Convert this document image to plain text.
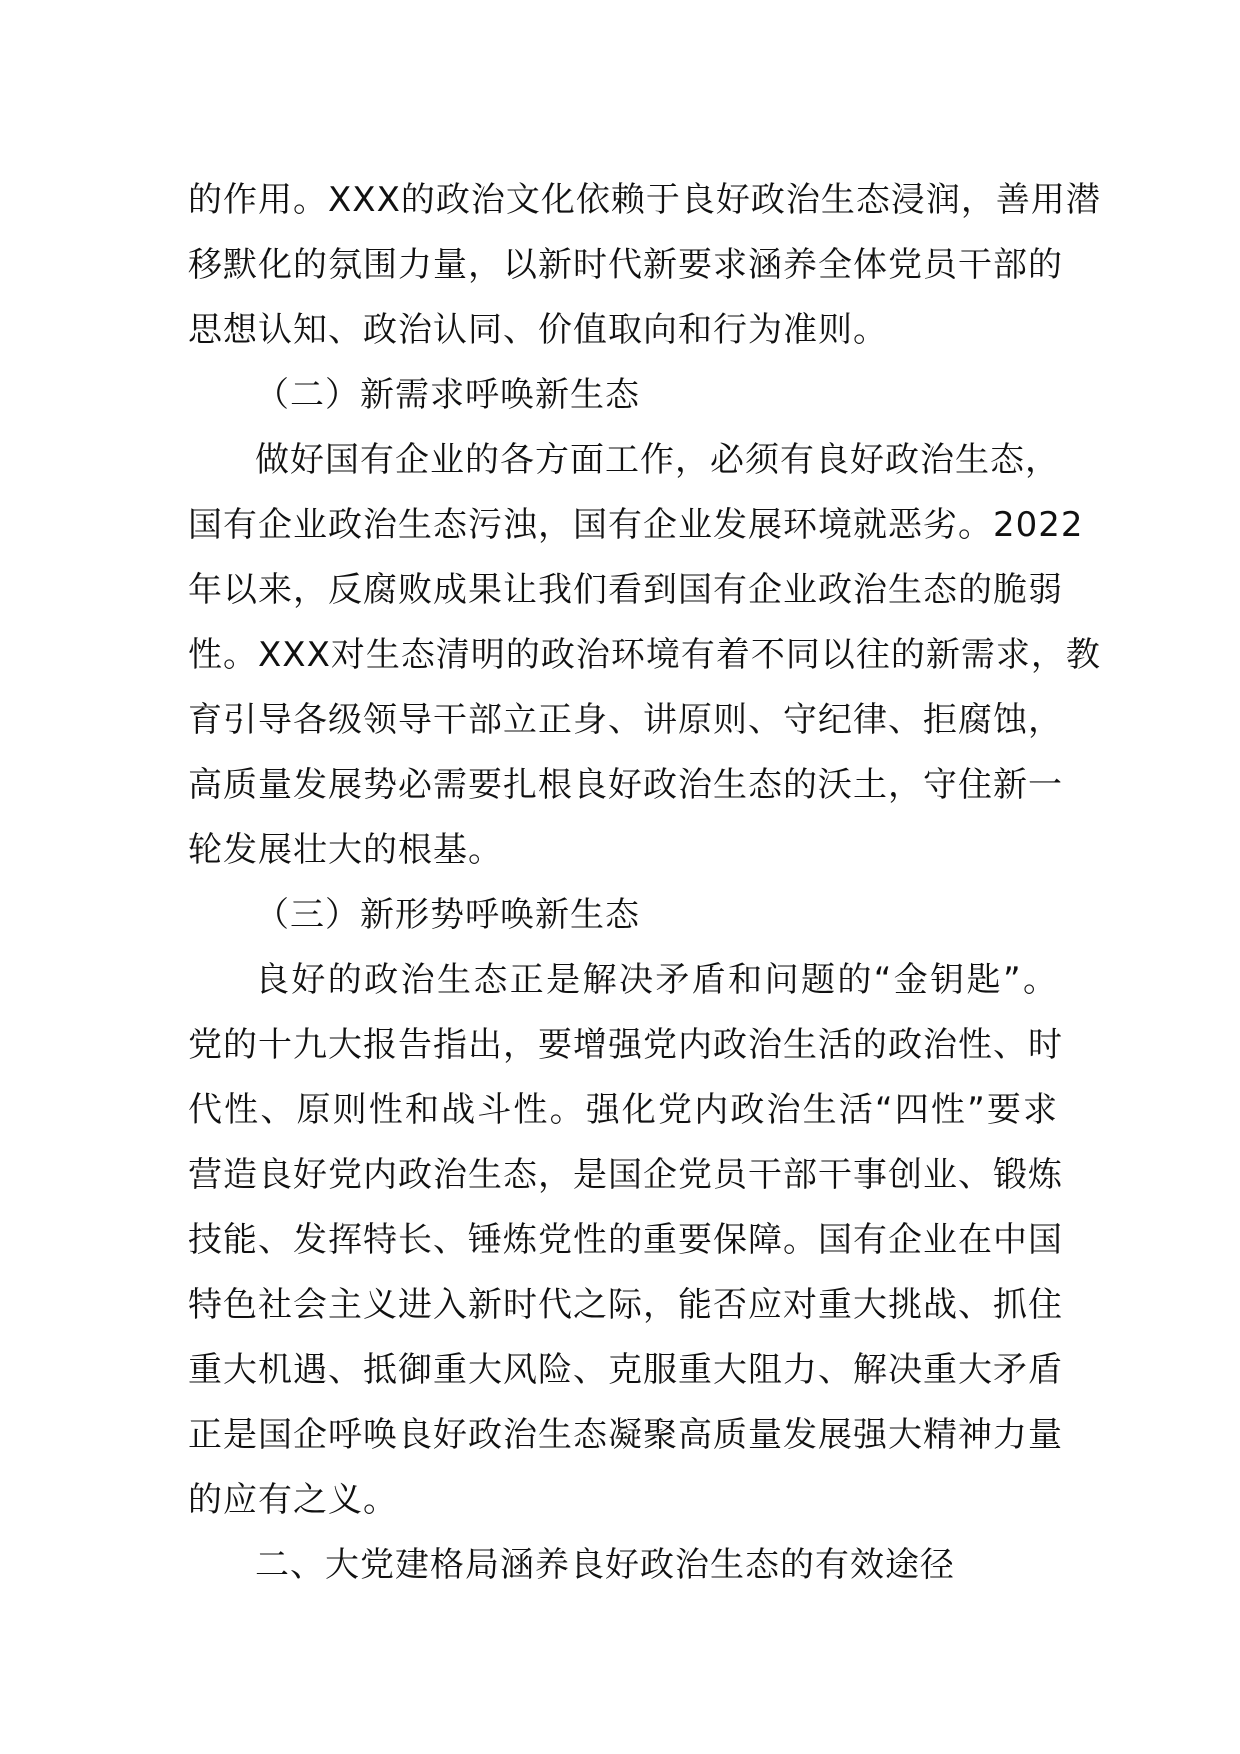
的作用。XXX的政治文化依赖于良好政治生态浸润，善用潜
移默化的氛围力量，以新时代新要求涵养全体党员干部的
思想认知、政治认同、价值取向和行为准则。
（二）新需求呼唤新生态
做好国有企业的各方面工作，必须有良好政治生态，
国有企业政治生态污浊，国有企业发展环境就恶劣。2022
年以来，反腐败成果让我们看到国有企业政治生态的脆弱
性。XXX对生态清明的政治环境有着不同以往的新需求，教
育引导各级领导干部立正身、讲原则、守纪律、拒腐蚀，
高质量发展势必需要扎根良好政治生态的沃土，守住新一
轮发展壮大的根基。
（三）新形势呼唤新生态
良好的政治生态正是解决矛盾和问题的“金钥匙”。
党的十九大报告指出，要增强党内政治生活的政治性、时
代性、原则性和战斗性。强化党内政治生活“四性”要求
营造良好党内政治生态，是国企党员干部干事创业、锻炼
技能、发挥特长、锤炼党性的重要保障。国有企业在中国
特色社会主义进入新时代之际，能否应对重大挑战、抓住
重大机遇、抵御重大风险、克服重大阻力、解决重大矛盾
正是国企呼唤良好政治生态凝聚高质量发展强大精神力量
的应有之义。
二、大党建格局涵养良好政治生态的有效途径
